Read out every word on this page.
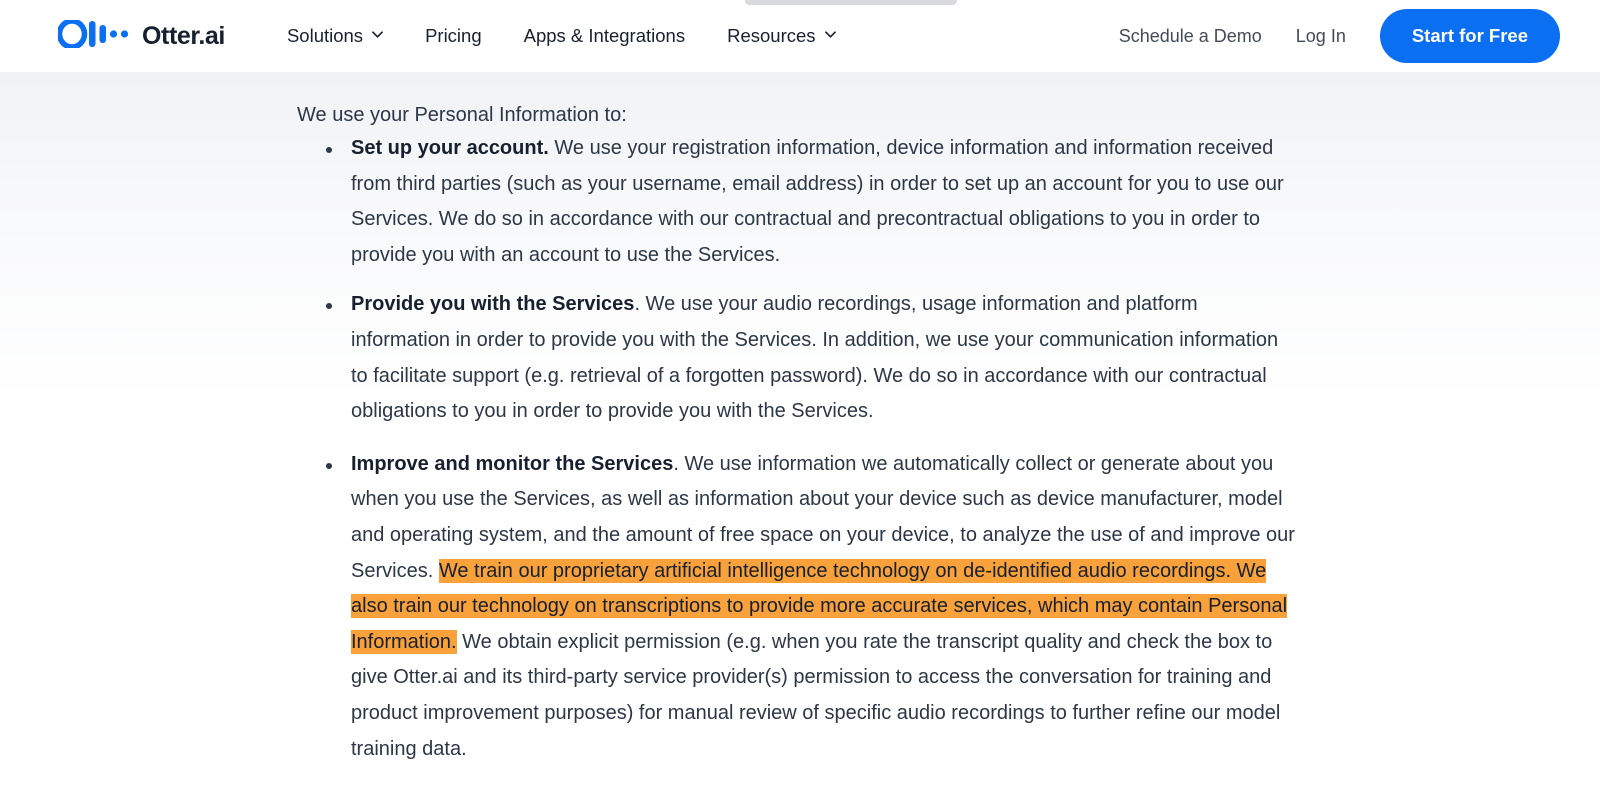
Otter.ai	Solutions	Pricing Apps & Integrations Resources	Schedule a Demo Log In	Start for Free

We use your Personal Information to:

Set up your account. We use your registration information, device information and information received from third parties (such as your username, email address) in order to set up an account for you to use our Services. We do so in accordance with our contractual and precontractual obligations to you in order to provide you with an account to use the Services.
Provide you with the Services. We use your audio recordings, usage information and platform information in order to provide you with the Services. In addition, we use your communication information to facilitate support (e.g. retrieval of a forgotten password). We do so in accordance with our contractual obligations to you in order to provide you with the Services.
Improve and monitor the Services. We use information we automatically collect or generate about you when you use the Services, as well as information about your device such as device manufacturer, model and operating system, and the amount of free space on your device, to analyze the use of and improve our Services. We train our proprietary artificial intelligence technology on de-identified audio recordings. We also train our technology on transcriptions to provide more accurate services, which may contain Personal Information. We obtain explicit permission (e.g. when you rate the transcript quality and check the box to give Otter.ai and its third-party service provider(s) permission to access the conversation for training and product improvement purposes) for manual review of specific audio recordings to further refine our model training data.
